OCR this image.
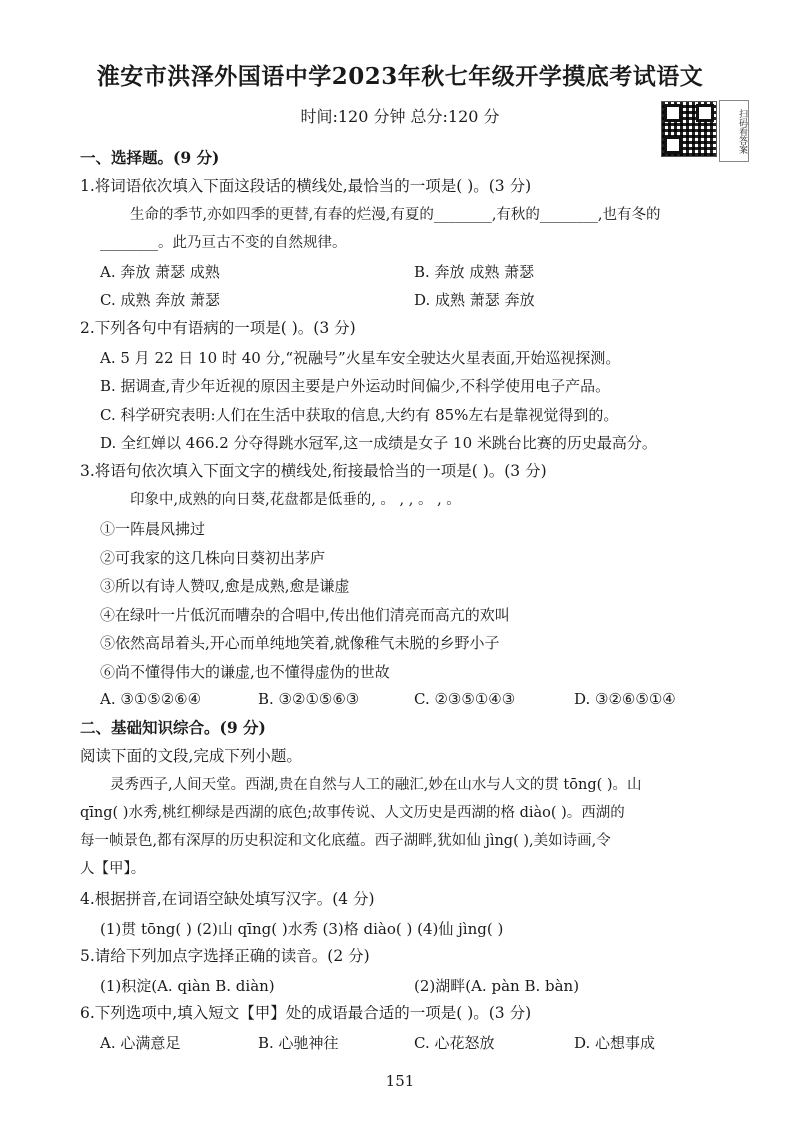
淮安市洪泽外国语中学2023年秋七年级开学摸底考试语文
时间:120 分钟 总分:120 分	扫码看答案
一、选择题。(9 分)
1.将词语依次填入下面这段话的横线处,最恰当的一项是( )。(3 分)
生命的季节,亦如四季的更替,有春的烂漫,有夏的________,有秋的________,也有冬的
________。此乃亘古不变的自然规律。
A. 奔放 萧瑟 成熟	B. 奔放 成熟 萧瑟
C. 成熟 奔放 萧瑟	D. 成熟 萧瑟 奔放
2.下列各句中有语病的一项是( )。(3 分)
A. 5 月 22 日 10 时 40 分,“祝融号”火星车安全驶达火星表面,开始巡视探测。
B. 据调查,青少年近视的原因主要是户外运动时间偏少,不科学使用电子产品。
C. 科学研究表明:人们在生活中获取的信息,大约有 85%左右是靠视觉得到的。
D. 全红婵以 466.2 分夺得跳水冠军,这一成绩是女子 10 米跳台比赛的历史最高分。
3.将语句依次填入下面文字的横线处,衔接最恰当的一项是( )。(3 分)
印象中,成熟的向日葵,花盘都是低垂的, 。 , , 。 , 。
①一阵晨风拂过
②可我家的这几株向日葵初出茅庐
③所以有诗人赞叹,愈是成熟,愈是谦虚
④在绿叶一片低沉而嘈杂的合唱中,传出他们清亮而高亢的欢叫
⑤依然高昂着头,开心而单纯地笑着,就像稚气未脱的乡野小子
⑥尚不懂得伟大的谦虚,也不懂得虚伪的世故
A. ③①⑤②⑥④	B. ③②①⑤⑥③	C. ②③⑤①④③	D. ③②⑥⑤①④
二、基础知识综合。(9 分)
阅读下面的文段,完成下列小题。
灵秀西子,人间天堂。西湖,贵在自然与人工的融汇,妙在山水与人文的贯 tōng( )。山
qīng( )水秀,桃红柳绿是西湖的底色;故事传说、人文历史是西湖的格 diào( )。西湖的
每一帧景色,都有深厚的历史积淀和文化底蕴。西子湖畔,犹如仙 jìng( ),美如诗画,令
人【甲】。
4.根据拼音,在词语空缺处填写汉字。(4 分)
(1)贯 tōng( ) (2)山 qīng( )水秀 (3)格 diào( ) (4)仙 jìng( )
5.请给下列加点字选择正确的读音。(2 分)
(1)积淀(A. qiàn B. diàn)	(2)湖畔(A. pàn B. bàn)
6.下列选项中,填入短文【甲】处的成语最合适的一项是( )。(3 分)
A. 心满意足	B. 心驰神往	C. 心花怒放	D. 心想事成
151
